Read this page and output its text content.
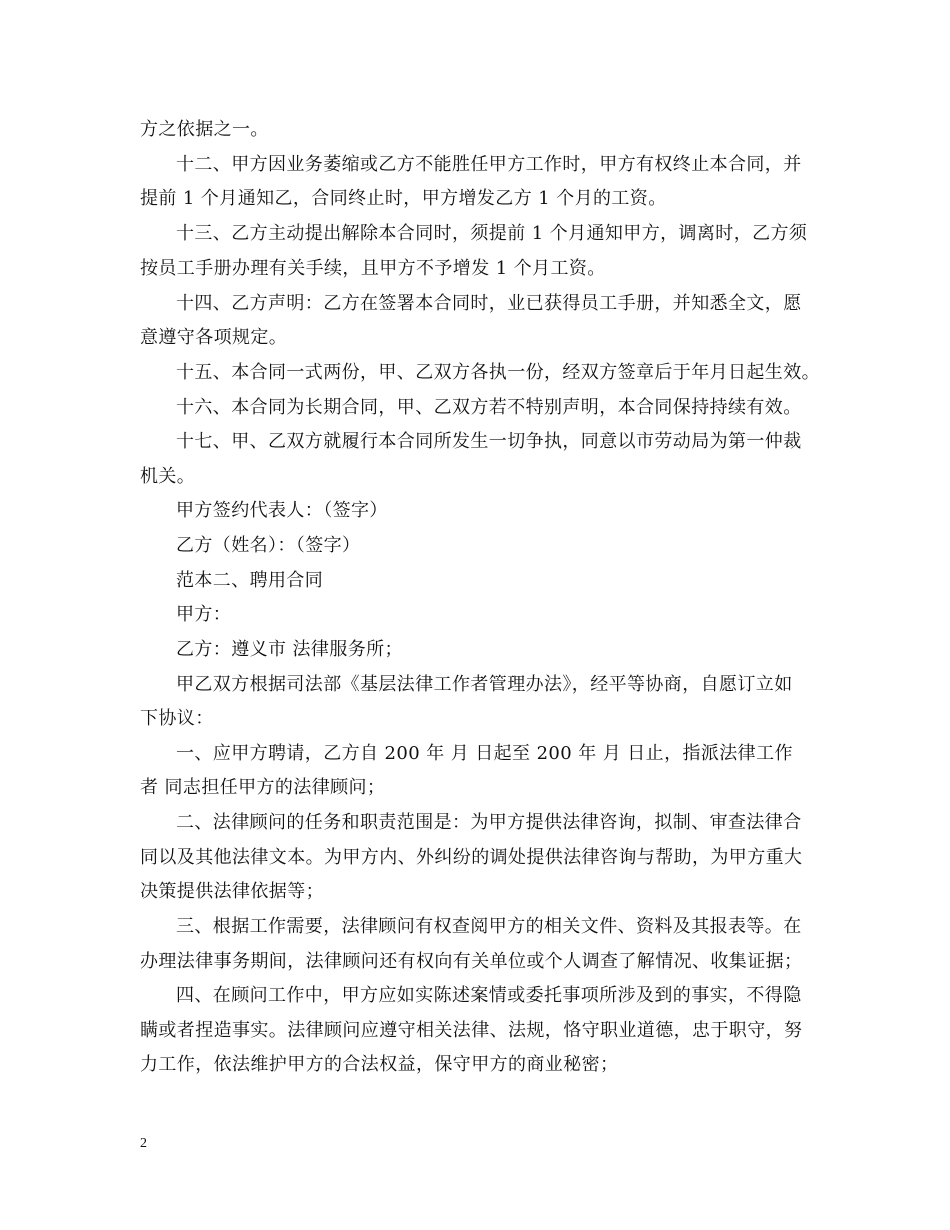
方之依据之一。
十二、甲方因业务萎缩或乙方不能胜任甲方工作时，甲方有权终止本合同，并
提前 1 个月通知乙，合同终止时，甲方增发乙方 1 个月的工资。
十三、乙方主动提出解除本合同时，须提前 1 个月通知甲方，调离时，乙方须
按员工手册办理有关手续，且甲方不予增发 1 个月工资。
十四、乙方声明：乙方在签署本合同时，业已获得员工手册，并知悉全文，愿
意遵守各项规定。
十五、本合同一式两份，甲、乙双方各执一份，经双方签章后于年月日起生效。
十六、本合同为长期合同，甲、乙双方若不特别声明，本合同保持持续有效。
十七、甲、乙双方就履行本合同所发生一切争执，同意以市劳动局为第一仲裁
机关。
甲方签约代表人：（签字）
乙方（姓名）：（签字）
范本二、聘用合同
甲方：
乙方：遵义市 法律服务所；
甲乙双方根据司法部《基层法律工作者管理办法》，经平等协商，自愿订立如
下协议：
一、应甲方聘请，乙方自 200 年 月 日起至 200 年 月 日止，指派法律工作
者 同志担任甲方的法律顾问；
二、法律顾问的任务和职责范围是：为甲方提供法律咨询，拟制、审查法律合
同以及其他法律文本。为甲方内、外纠纷的调处提供法律咨询与帮助，为甲方重大
决策提供法律依据等；
三、根据工作需要，法律顾问有权查阅甲方的相关文件、资料及其报表等。在
办理法律事务期间，法律顾问还有权向有关单位或个人调查了解情况、收集证据；
四、在顾问工作中，甲方应如实陈述案情或委托事项所涉及到的事实，不得隐
瞒或者捏造事实。法律顾问应遵守相关法律、法规，恪守职业道德，忠于职守，努
力工作，依法维护甲方的合法权益，保守甲方的商业秘密；
2
